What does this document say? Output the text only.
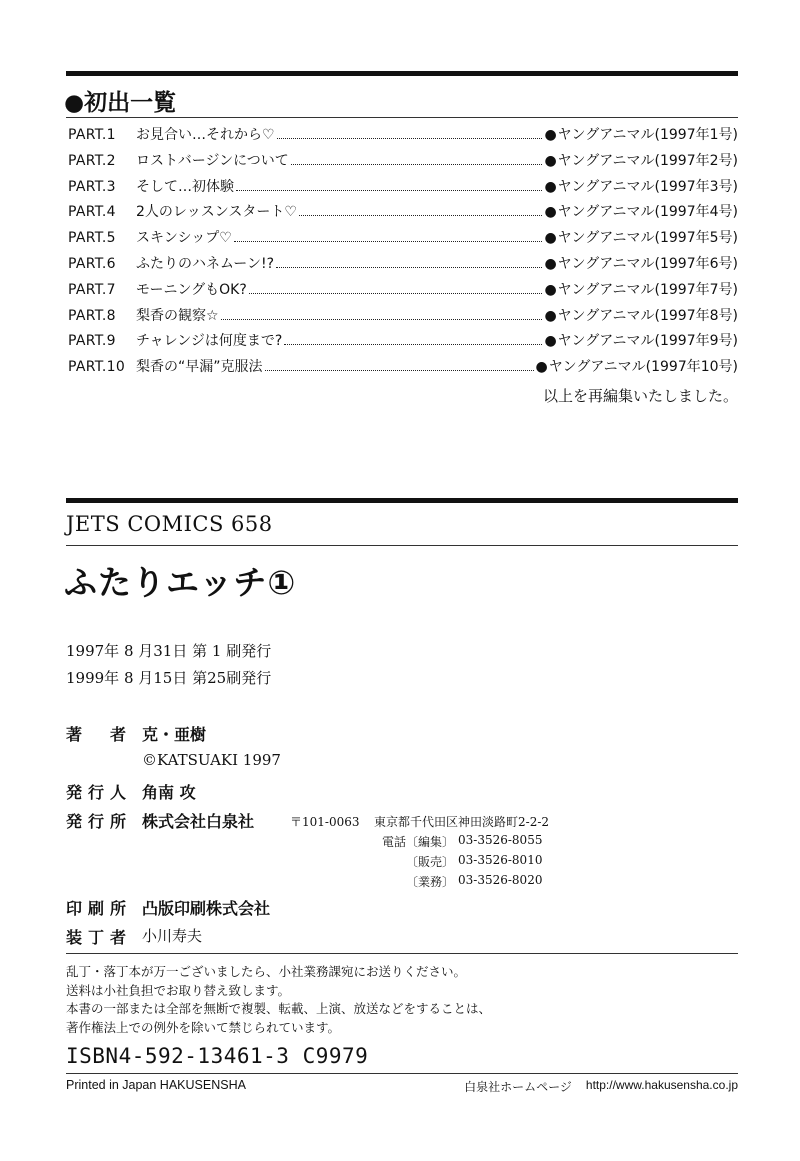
●初出一覧
PART.1	お見合い…それから♡	●ヤングアニマル(1997年1号)
PART.2	ロストバージンについて	●ヤングアニマル(1997年2号)
PART.3	そして…初体験	●ヤングアニマル(1997年3号)
PART.4	2人のレッスンスタート♡	●ヤングアニマル(1997年4号)
PART.5	スキンシップ♡	●ヤングアニマル(1997年5号)
PART.6	ふたりのハネムーン!?	●ヤングアニマル(1997年6号)
PART.7	モーニングもOK?	●ヤングアニマル(1997年7号)
PART.8	梨香の観察☆	●ヤングアニマル(1997年8号)
PART.9	チャレンジは何度まで?	●ヤングアニマル(1997年9号)
PART.10 梨香の“早漏”克服法	●ヤングアニマル(1997年10号)
以上を再編集いたしました。
JETS COMICS 658
ふたりエッチ①
1997年 8 月31日 第 1 刷発行
1999年 8 月15日 第25刷発行
著 者 克・亜樹
©KATSUAKI 1997
発行人 角南 攻
発行所 株式会社白泉社
印刷所 凸版印刷株式会社
装丁者 小川寿夫
〒101-0063 東京都千代田区神田淡路町2-2-2
電話〔編集〕 03-3526-8055
〔販売〕 03-3526-8010
〔業務〕 03-3526-8020
乱丁・落丁本が万一ございましたら、小社業務課宛にお送りください。
送料は小社負担でお取り替え致します。
本書の一部または全部を無断で複製、転載、上演、放送などをすることは、
著作権法上での例外を除いて禁じられています。
ISBN4-592-13461-3 C9979
Printed in Japan HAKUSENSHA	白泉社ホームページ http://www.hakusensha.co.jp
